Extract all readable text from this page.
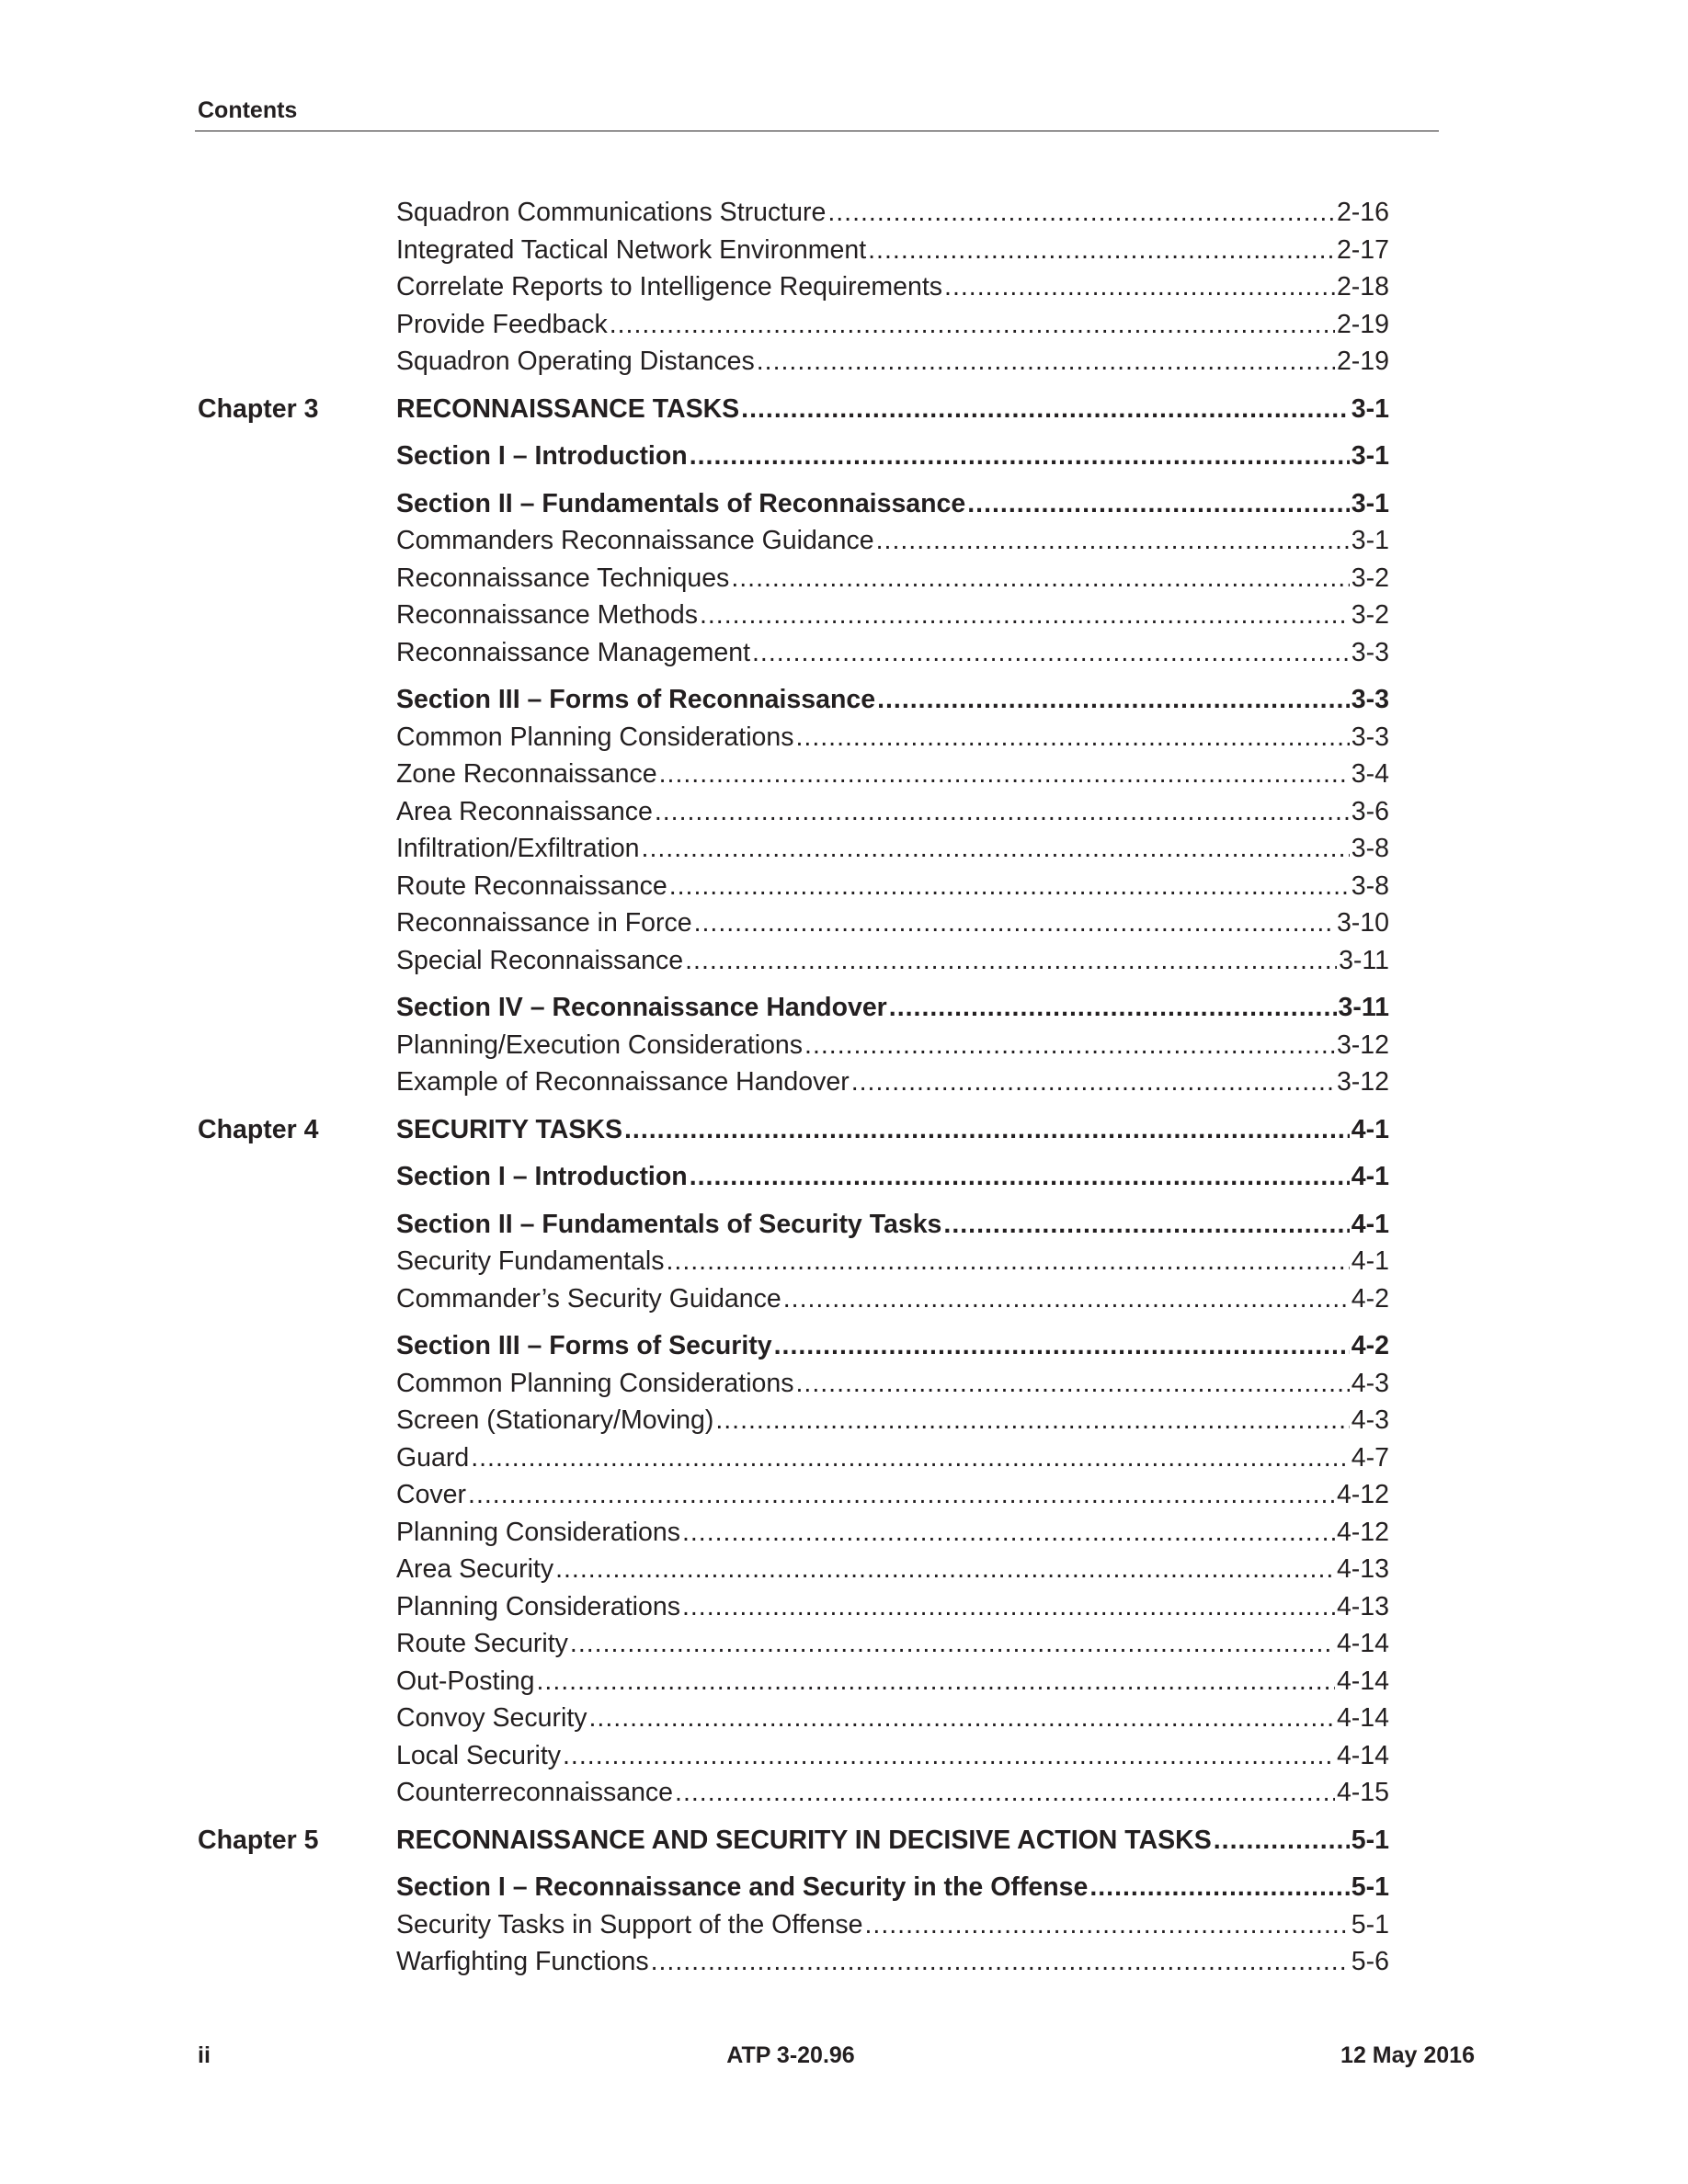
Contents
Squadron Communications Structure .....	2-16
Integrated Tactical Network Environment .....	2-17
Correlate Reports to Intelligence Requirements .....	2-18
Provide Feedback .....	2-19
Squadron Operating Distances .....	2-19
Chapter 3	RECONNAISSANCE TASKS .....	3-1
Section I – Introduction .....	3-1
Section II – Fundamentals of Reconnaissance .....	3-1
Commanders Reconnaissance Guidance .....	3-1
Reconnaissance Techniques .....	3-2
Reconnaissance Methods .....	3-2
Reconnaissance Management .....	3-3
Section III – Forms of Reconnaissance .....	3-3
Common Planning Considerations .....	3-3
Zone Reconnaissance .....	3-4
Area Reconnaissance .....	3-6
Infiltration/Exfiltration .....	3-8
Route Reconnaissance .....	3-8
Reconnaissance in Force .....	3-10
Special Reconnaissance .....	3-11
Section IV – Reconnaissance Handover .....	3-11
Planning/Execution Considerations .....	3-12
Example of Reconnaissance Handover .....	3-12
Chapter 4	SECURITY TASKS .....	4-1
Section I – Introduction .....	4-1
Section II – Fundamentals of Security Tasks .....	4-1
Security Fundamentals .....	4-1
Commander’s Security Guidance .....	4-2
Section III – Forms of Security .....	4-2
Common Planning Considerations .....	4-3
Screen (Stationary/Moving) .....	4-3
Guard .....	4-7
Cover .....	4-12
Planning Considerations .....	4-12
Area Security .....	4-13
Planning Considerations .....	4-13
Route Security .....	4-14
Out-Posting .....	4-14
Convoy Security .....	4-14
Local Security .....	4-14
Counterreconnaissance .....	4-15
Chapter 5	RECONNAISSANCE AND SECURITY IN DECISIVE ACTION TASKS .....	5-1
Section I – Reconnaissance and Security in the Offense .....	5-1
Security Tasks in Support of the Offense .....	5-1
Warfighting Functions .....	5-6
ii	ATP 3-20.96	12 May 2016
